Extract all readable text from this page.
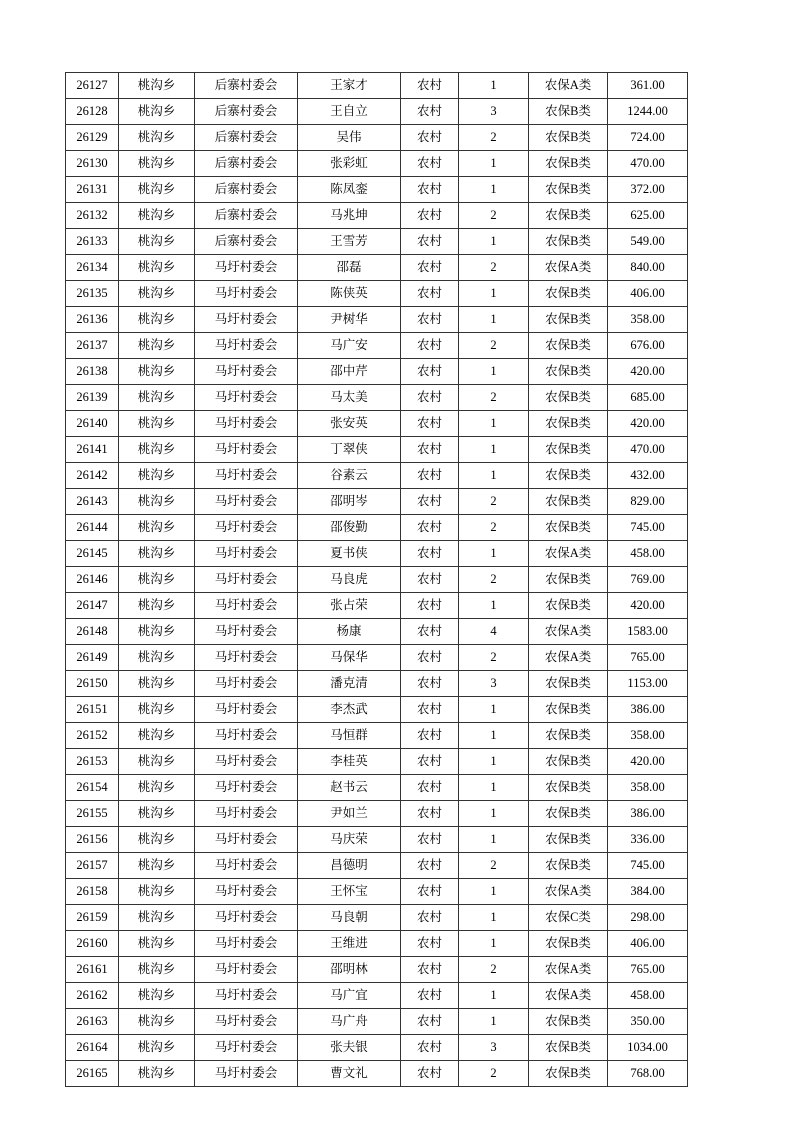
26127	桃沟乡	后寨村委会	王家才	农村	1	农保A类	361.00
26128	桃沟乡	后寨村委会	王自立	农村	3	农保B类	1244.00
26129	桃沟乡	后寨村委会	吴伟	农村	2	农保B类	724.00
26130	桃沟乡	后寨村委会	张彩虹	农村	1	农保B类	470.00
26131	桃沟乡	后寨村委会	陈凤銮	农村	1	农保B类	372.00
26132	桃沟乡	后寨村委会	马兆坤	农村	2	农保B类	625.00
26133	桃沟乡	后寨村委会	王雪芳	农村	1	农保B类	549.00
26134	桃沟乡	马圩村委会	邵磊	农村	2	农保A类	840.00
26135	桃沟乡	马圩村委会	陈侠英	农村	1	农保B类	406.00
26136	桃沟乡	马圩村委会	尹树华	农村	1	农保B类	358.00
26137	桃沟乡	马圩村委会	马广安	农村	2	农保B类	676.00
26138	桃沟乡	马圩村委会	邵中芹	农村	1	农保B类	420.00
26139	桃沟乡	马圩村委会	马太美	农村	2	农保B类	685.00
26140	桃沟乡	马圩村委会	张安英	农村	1	农保B类	420.00
26141	桃沟乡	马圩村委会	丁翠侠	农村	1	农保B类	470.00
26142	桃沟乡	马圩村委会	谷素云	农村	1	农保B类	432.00
26143	桃沟乡	马圩村委会	邵明岑	农村	2	农保B类	829.00
26144	桃沟乡	马圩村委会	邵俊勤	农村	2	农保B类	745.00
26145	桃沟乡	马圩村委会	夏书侠	农村	1	农保A类	458.00
26146	桃沟乡	马圩村委会	马良虎	农村	2	农保B类	769.00
26147	桃沟乡	马圩村委会	张占荣	农村	1	农保B类	420.00
26148	桃沟乡	马圩村委会	杨康	农村	4	农保A类	1583.00
26149	桃沟乡	马圩村委会	马保华	农村	2	农保A类	765.00
26150	桃沟乡	马圩村委会	潘克清	农村	3	农保B类	1153.00
26151	桃沟乡	马圩村委会	李杰武	农村	1	农保B类	386.00
26152	桃沟乡	马圩村委会	马恒群	农村	1	农保B类	358.00
26153	桃沟乡	马圩村委会	李桂英	农村	1	农保B类	420.00
26154	桃沟乡	马圩村委会	赵书云	农村	1	农保B类	358.00
26155	桃沟乡	马圩村委会	尹如兰	农村	1	农保B类	386.00
26156	桃沟乡	马圩村委会	马庆荣	农村	1	农保B类	336.00
26157	桃沟乡	马圩村委会	昌德明	农村	2	农保B类	745.00
26158	桃沟乡	马圩村委会	王怀宝	农村	1	农保A类	384.00
26159	桃沟乡	马圩村委会	马良朝	农村	1	农保C类	298.00
26160	桃沟乡	马圩村委会	王维进	农村	1	农保B类	406.00
26161	桃沟乡	马圩村委会	邵明林	农村	2	农保A类	765.00
26162	桃沟乡	马圩村委会	马广宜	农村	1	农保A类	458.00
26163	桃沟乡	马圩村委会	马广舟	农村	1	农保B类	350.00
26164	桃沟乡	马圩村委会	张夫银	农村	3	农保B类	1034.00
26165	桃沟乡	马圩村委会	曹文礼	农村	2	农保B类	768.00
